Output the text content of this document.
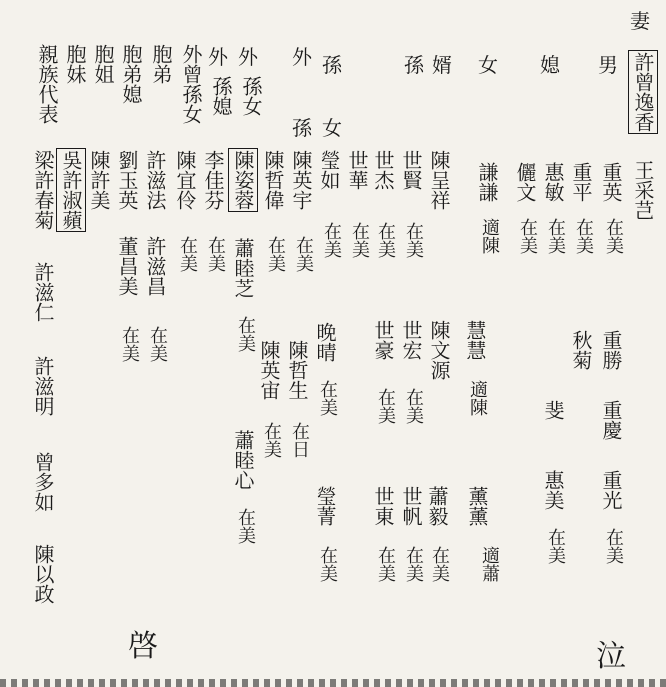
妻
許曾逸香
王采芑
男
重英
在美
重勝
重慶
重光
在美
重平
在美
秋菊
媳
惠敏
在美
斐
惠美
在美
儷文
在美
女
謙謙
適陳
慧慧
適陳
薰薰
適蕭
婿
陳呈祥
陳文源
孫
世賢
在美
世宏
在美
世帆
在美
世杰
在美
世豪
在美
世東
在美
世華
在美
蕭毅
在美
孫
女
瑩如
在美
晚晴
在美
瑩菁
在美
外
孫
陳英宇
在美
陳哲生
在日
外
孫女
陳哲偉
在美
陳英宙
在美
外
孫媳
陳姿蓉
蕭睦芝
在美
蕭睦心
在美
外曾孫女
李佳芬
在美
胞弟
陳宜伶
在美
胞弟媳
許滋法
許滋昌
在美
胞姐
劉玉英
董昌美
在美
胞妹
陳許美
親族代表
吳許淑蘋
梁許春菊
許滋仁
許滋明
曾多如
陳以政
啓	泣
